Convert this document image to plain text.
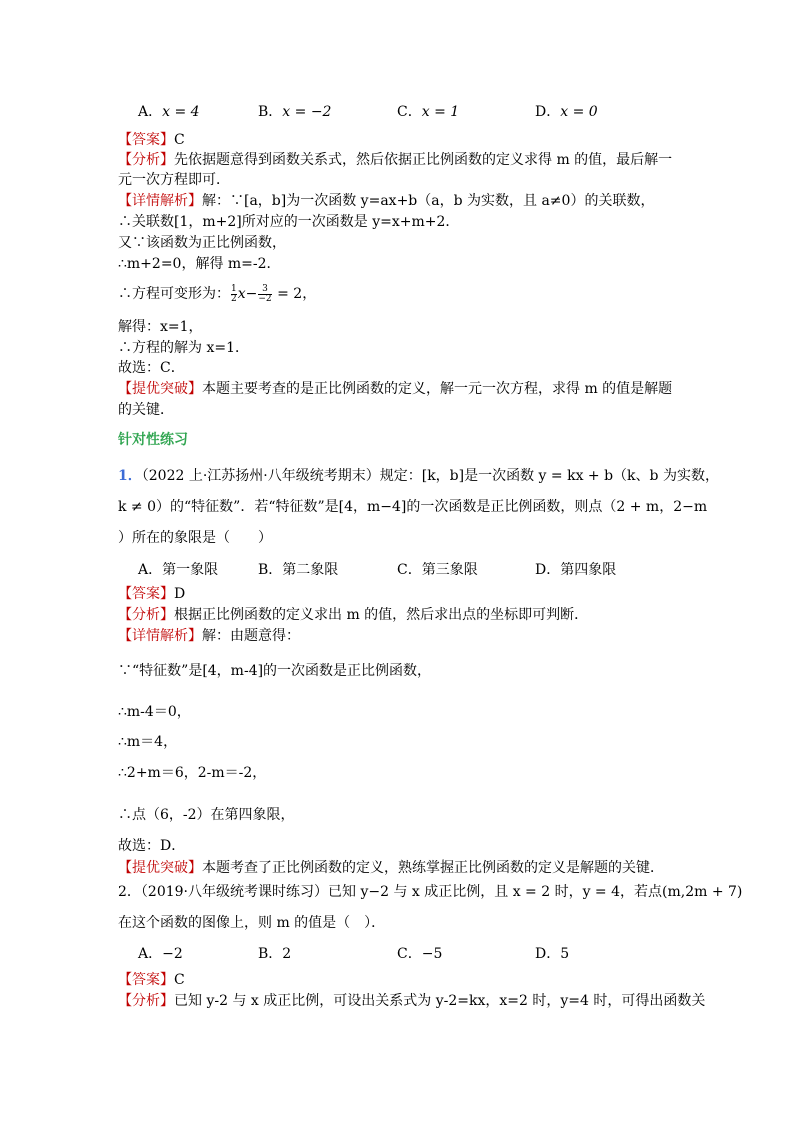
A．x = 4	B．x = −2	C．x = 1	D．x = 0
【答案】C
【分析】先依据题意得到函数关系式，然后依据正比例函数的定义求得 m 的值，最后解一
元一次方程即可．
【详情解析】解：∵[a，b]为一次函数 y=ax+b（a，b 为实数，且 a≠0）的关联数，
∴关联数[1，m+2]所对应的一次函数是 y=x+m+2．
又∵该函数为正比例函数，
∴m+2=0，解得 m=-2．
∴方程可变形为： $\frac{1}{2} x- \frac{3}{-2} = 2$，
解得：x=1，
∴方程的解为 x=1．
故选：C．
【提优突破】本题主要考查的是正比例函数的定义，解一元一次方程，求得 m 的值是解题
的关键．
针对性练习
1．（2022 上·江苏扬州·八年级统考期末）规定：[k，b]是一次函数 y = kx + b（k、b 为实数，
k ≠ 0）的“特征数”．若“特征数”是[4，m−4]的一次函数是正比例函数，则点（2 + m，2−m
）所在的象限是（　　）
A．第一象限	B．第二象限	C．第三象限	D．第四象限
【答案】D
【分析】根据正比例函数的定义求出 m 的值，然后求出点的坐标即可判断．
【详情解析】解：由题意得：
∵“特征数”是[4，m-4]的一次函数是正比例函数，
∴m-4＝0，
∴m＝4，
∴2+m＝6，2-m＝-2，
∴点（6，-2）在第四象限，
故选：D．
【提优突破】本题考查了正比例函数的定义，熟练掌握正比例函数的定义是解题的关键．
2．（2019·八年级统考课时练习）已知 y−2 与 x 成正比例，且 x = 2 时，y = 4，若点(m,2m + 7)
在这个函数的图像上，则 m 的值是（　）．
A．−2	B．2	C．−5	D．5
【答案】C
【分析】已知 y-2 与 x 成正比例，可设出关系式为 y-2=kx，x=2 时，y=4 时，可得出函数关
